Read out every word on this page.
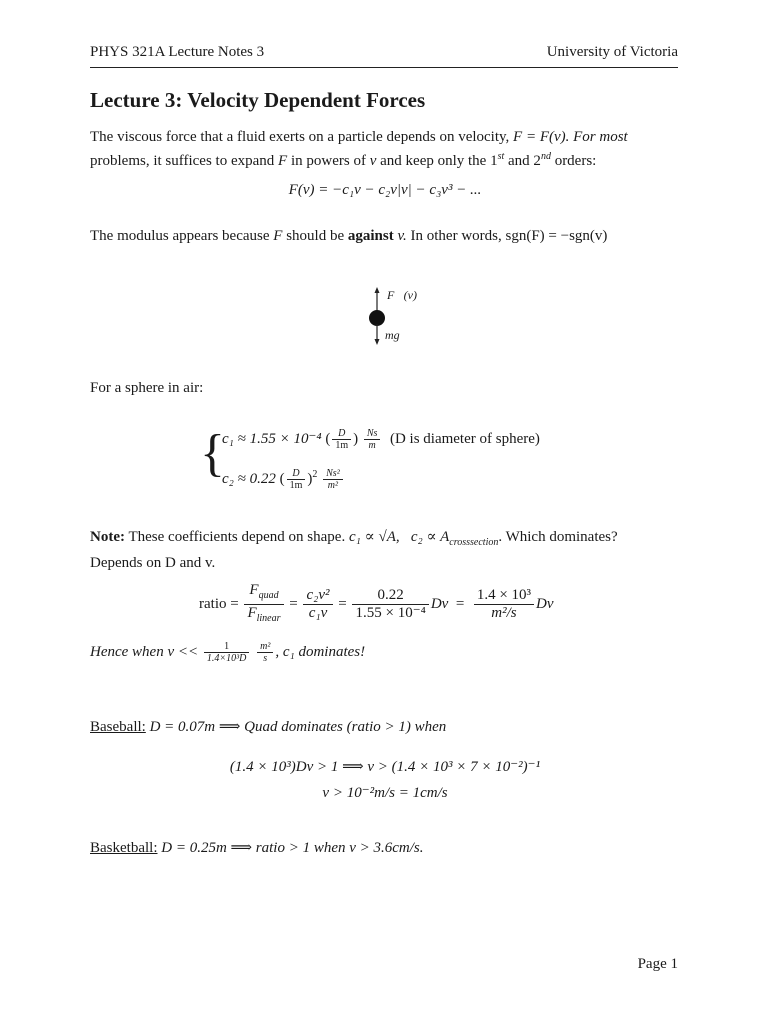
PHYS 321A Lecture Notes 3	University of Victoria
Lecture 3: Velocity Dependent Forces
The viscous force that a fluid exerts on a particle depends on velocity, F = F(v). For most
problems, it suffices to expand F in powers of v and keep only the 1st and 2nd orders:
F(v) = −c₁v − c₂v|v| − c₃v³ − ...
The modulus appears because F should be against v. In other words, sgn(F) = −sgn(v)
F⃗(v)
mg⃗
For a sphere in air:
{
c₁ ≈ 1.55 × 10⁻⁴ ( $\frac{D}{1m}$ ) $\frac{Ns}{m} (D$ is diameter of sphere)
c₂ ≈ 0.22 ( $\frac{D}{1m} )^2 \frac{\text{Ns²}}{\text{m²}}$
Note: These coefficients depend on shape. c₁ ∝ √A, $c_2 \propto A_{crosssection}$. Which dominates?
Depends on D and v.
ratio = $\frac{F_{quad}}{F_{linear}} = \frac{\text{c₂v²}}{\text{c₁v}} = \frac{0.22}{\text{1.55 × 10⁻⁴}}$ $Dv = \frac{\text{1.4 × 10³}}{\text{m²/s}}$ Dv
Hence when $v << \frac{1}{\text{1.4×10³D}}$
$\frac{\text{m²}}{s}$ , c₁ dominates!
Baseball: D = 0.07m ⟹ Quad dominates (ratio > 1) when
(1.4 × 10³)Dv > 1 ⟹ v > (1.4 × 10³ × 7 × 10⁻²)⁻¹
v > 10⁻²m/s = 1cm/s
Basketball: D = 0.25m ⟹ ratio > 1 when v > 3.6cm/s.
Page 1
